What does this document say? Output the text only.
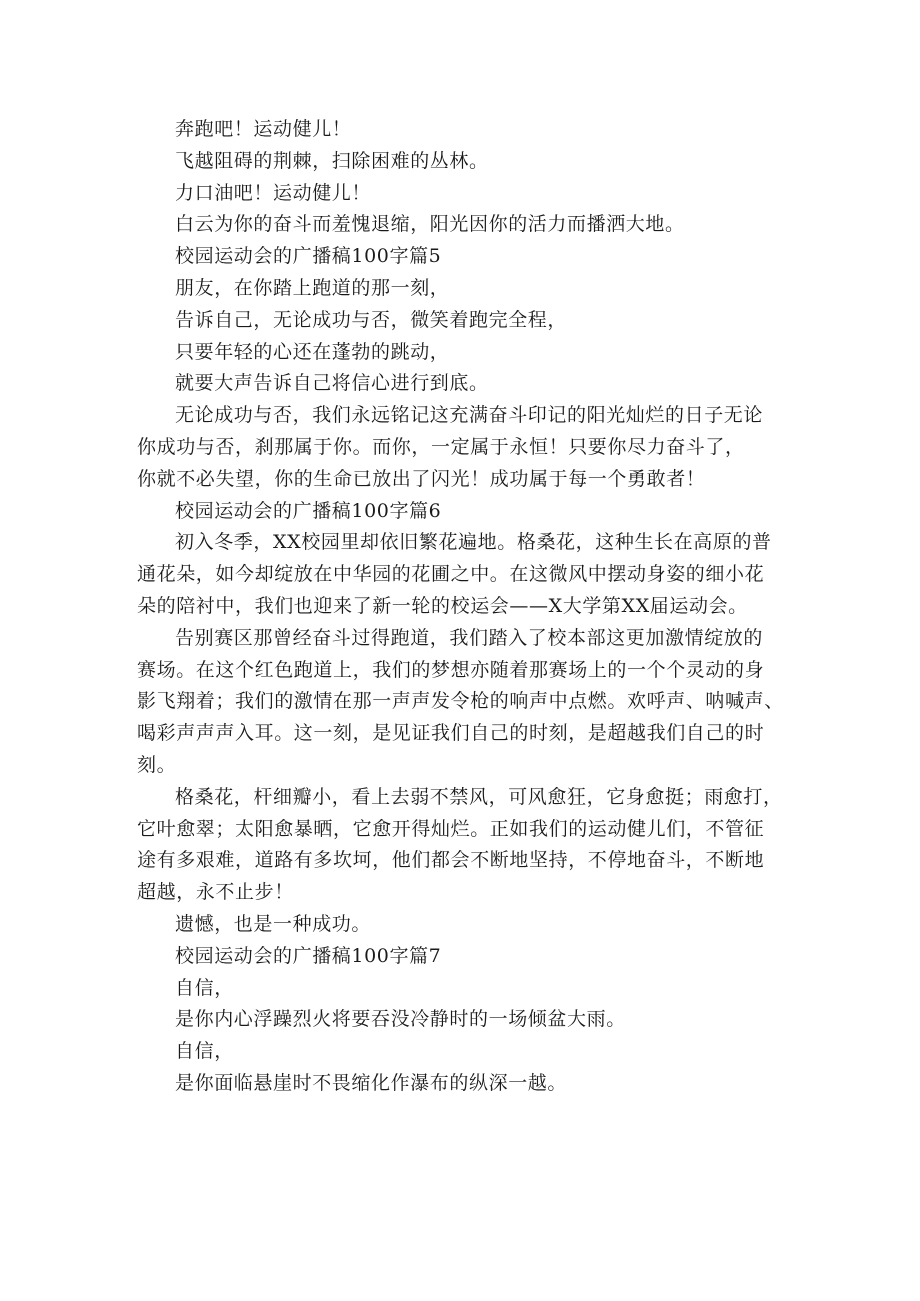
奔跑吧！运动健儿！
飞越阻碍的荆棘，扫除困难的丛林。
力口油吧！运动健儿！
白云为你的奋斗而羞愧退缩，阳光因你的活力而播洒大地。
校园运动会的广播稿100字篇5
朋友，在你踏上跑道的那一刻，
告诉自己，无论成功与否，微笑着跑完全程，
只要年轻的心还在蓬勃的跳动，
就要大声告诉自己将信心进行到底。
无论成功与否，我们永远铭记这充满奋斗印记的阳光灿烂的日子无论
你成功与否，刹那属于你。而你，一定属于永恒！只要你尽力奋斗了，
你就不必失望，你的生命已放出了闪光！成功属于每一个勇敢者！
校园运动会的广播稿100字篇6
初入冬季，XX校园里却依旧繁花遍地。格桑花，这种生长在高原的普
通花朵，如今却绽放在中华园的花圃之中。在这微风中摆动身姿的细小花
朵的陪衬中，我们也迎来了新一轮的校运会——X大学第XX届运动会。
告别赛区那曾经奋斗过得跑道，我们踏入了校本部这更加激情绽放的
赛场。在这个红色跑道上，我们的梦想亦随着那赛场上的一个个灵动的身
影飞翔着；我们的激情在那一声声发令枪的响声中点燃。欢呼声、呐喊声、
喝彩声声声入耳。这一刻，是见证我们自己的时刻，是超越我们自己的时
刻。
格桑花，杆细瓣小，看上去弱不禁风，可风愈狂，它身愈挺；雨愈打，
它叶愈翠；太阳愈暴晒，它愈开得灿烂。正如我们的运动健儿们，不管征
途有多艰难，道路有多坎坷，他们都会不断地坚持，不停地奋斗，不断地
超越，永不止步！
遗憾，也是一种成功。
校园运动会的广播稿100字篇7
自信，
是你内心浮躁烈火将要吞没冷静时的一场倾盆大雨。
自信，
是你面临悬崖时不畏缩化作瀑布的纵深一越。
